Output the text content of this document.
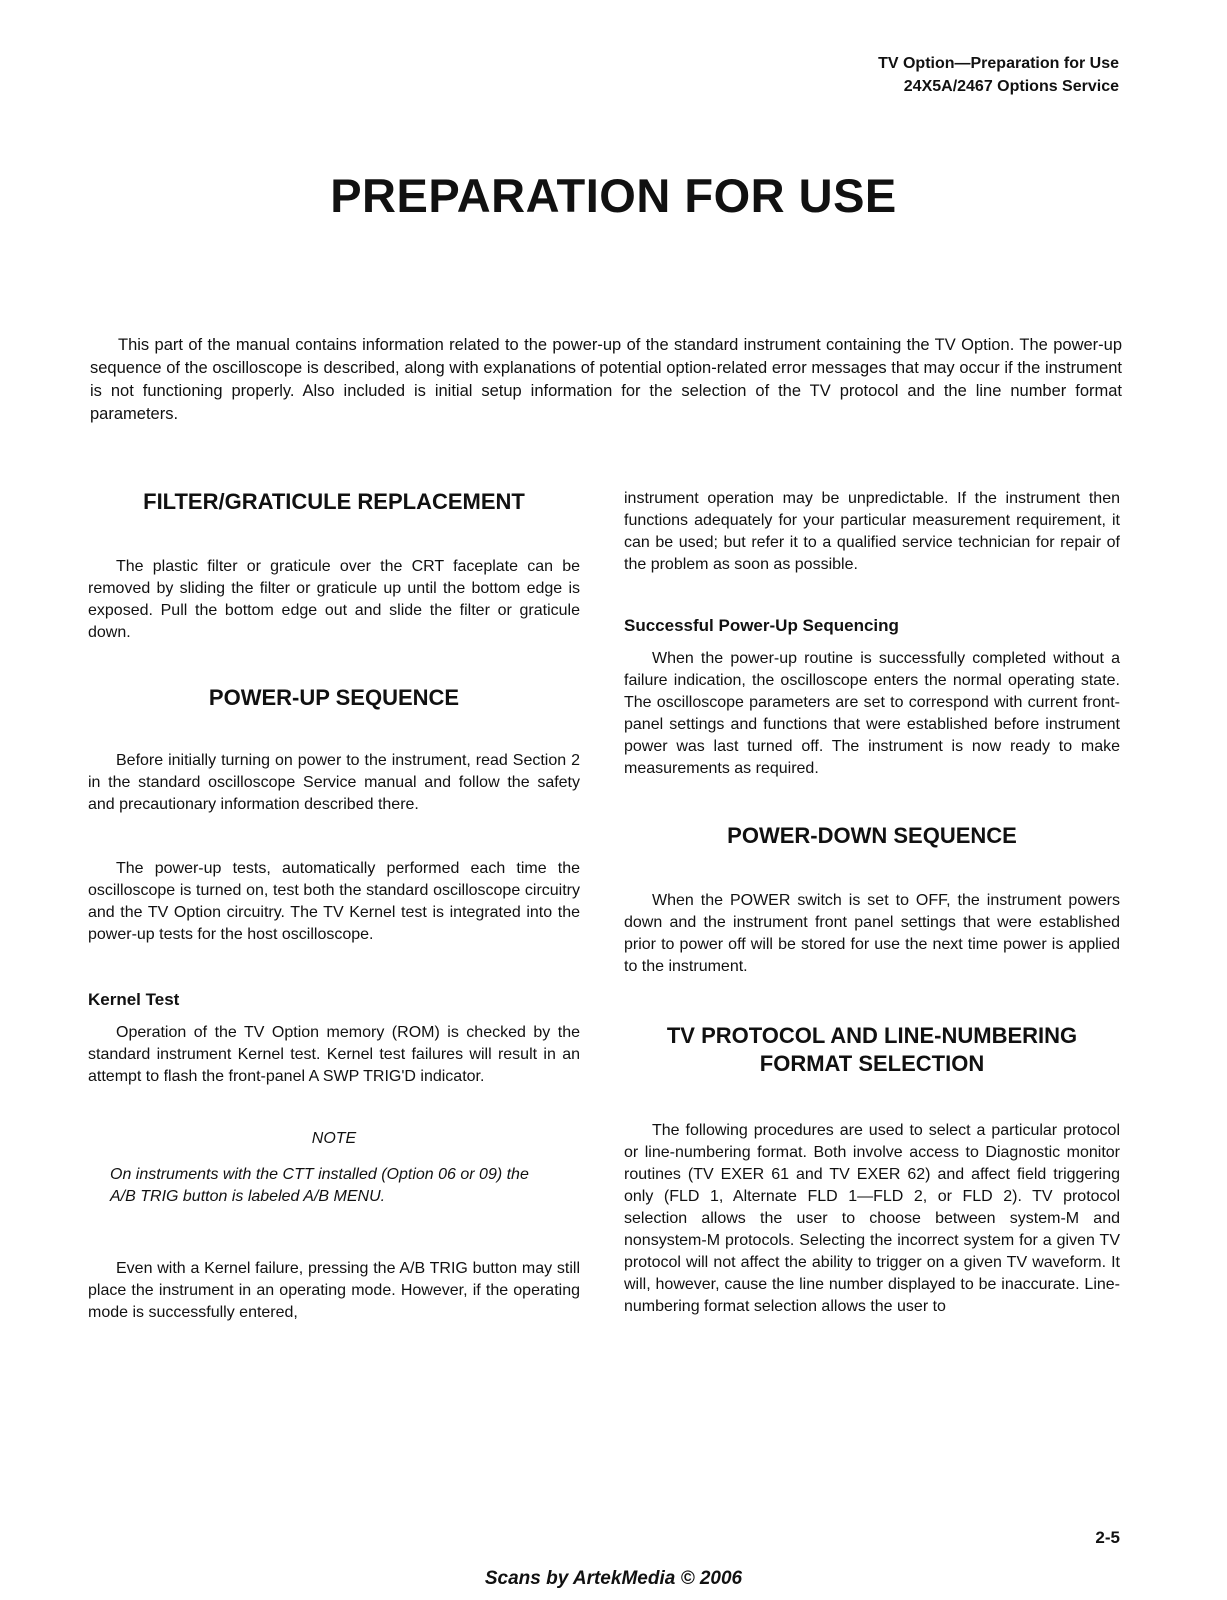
TV Option—Preparation for Use
24X5A/2467 Options Service
PREPARATION FOR USE

This part of the manual contains information related to the power-up of the standard instrument containing the TV Option. The power-up sequence of the oscilloscope is described, along with explanations of potential option-related error messages that may occur if the instrument is not functioning properly. Also included is initial setup information for the selection of the TV protocol and the line number format parameters.

FILTER/GRATICULE REPLACEMENT

The plastic filter or graticule over the CRT faceplate can be removed by sliding the filter or graticule up until the bottom edge is exposed. Pull the bottom edge out and slide the filter or graticule down.

POWER-UP SEQUENCE

Before initially turning on power to the instrument, read Section 2 in the standard oscilloscope Service manual and follow the safety and precautionary information described there.

The power-up tests, automatically performed each time the oscilloscope is turned on, test both the standard oscilloscope circuitry and the TV Option circuitry. The TV Kernel test is integrated into the power-up tests for the host oscilloscope.

Kernel Test

Operation of the TV Option memory (ROM) is checked by the standard instrument Kernel test. Kernel test failures will result in an attempt to flash the front-panel A SWP TRIG'D indicator.

NOTE

On instruments with the CTT installed (Option 06 or 09) the A/B TRIG button is labeled A/B MENU.

Even with a Kernel failure, pressing the A/B TRIG button may still place the instrument in an operating mode. However, if the operating mode is successfully entered,

instrument operation may be unpredictable. If the instrument then functions adequately for your particular measurement requirement, it can be used; but refer it to a qualified service technician for repair of the problem as soon as possible.

Successful Power-Up Sequencing

When the power-up routine is successfully completed without a failure indication, the oscilloscope enters the normal operating state. The oscilloscope parameters are set to correspond with current front-panel settings and functions that were established before instrument power was last turned off. The instrument is now ready to make measurements as required.

POWER-DOWN SEQUENCE

When the POWER switch is set to OFF, the instrument powers down and the instrument front panel settings that were established prior to power off will be stored for use the next time power is applied to the instrument.

TV PROTOCOL AND LINE-NUMBERING
FORMAT SELECTION

The following procedures are used to select a particular protocol or line-numbering format. Both involve access to Diagnostic monitor routines (TV EXER 61 and TV EXER 62) and affect field triggering only (FLD 1, Alternate FLD 1—FLD 2, or FLD 2). TV protocol selection allows the user to choose between system-M and nonsystem-M protocols. Selecting the incorrect system for a given TV protocol will not affect the ability to trigger on a given TV waveform. It will, however, cause the line number displayed to be inaccurate. Line-numbering format selection allows the user to

2-5
Scans by ArtekMedia © 2006
